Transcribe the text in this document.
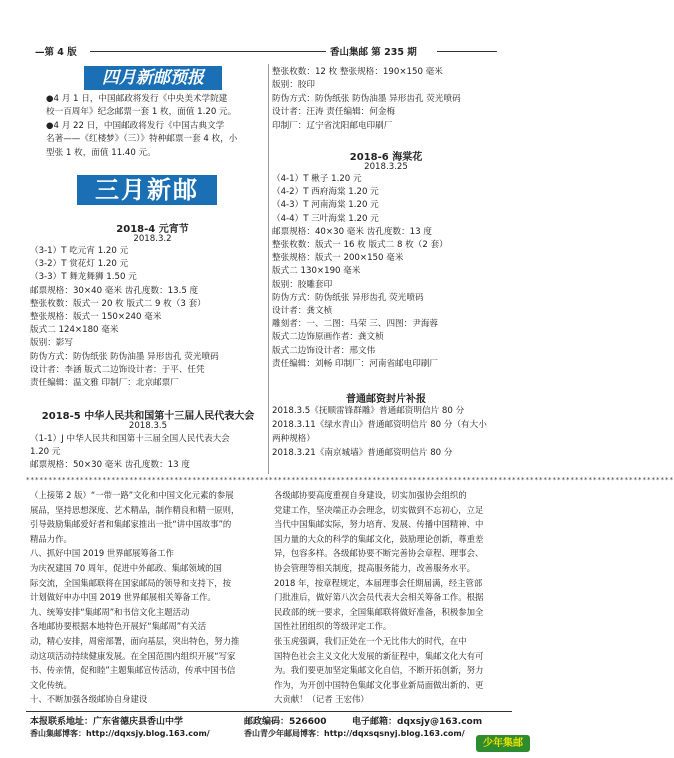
—第 4 版	香山集邮 第 235 期
四月新邮预报
●4 月 1 日，中国邮政将发行《中央美术学院建
校一百周年》纪念邮票一套 1 枚，面值 1.20 元。
●4 月 22 日，中国邮政将发行《中国古典文学
名著——《红楼梦》（三）》特种邮票一套 4 枚，小
型张 1 枚，面值 11.40 元。
三月新邮
2018-4 元宵节
2018.3.2
（3-1）T 吃元宵 1.20 元
（3-2）T 赏花灯 1.20 元
（3-3）T 舞龙舞狮 1.50 元
邮票规格：30×40 毫米 齿孔度数：13.5 度
整张枚数：版式一 20 枚 版式二 9 枚（3 套）
整张规格：版式一 150×240 毫米
版式二 124×180 毫米
版别：影写
防伪方式：防伪纸张 防伪油墨 异形齿孔 荧光喷码
设计者：李涵 版式二边饰设计者：于平、任凭
责任编辑：温文雅 印制厂：北京邮票厂
2018-5 中华人民共和国第十三届人民代表大会
2018.3.5
（1-1）J 中华人民共和国第十三届全国人民代表大会
1.20 元
邮票规格：50×30 毫米 齿孔度数：13 度
整张枚数：12 枚 整张规格：190×150 毫米
版别：胶印
防伪方式：防伪纸张 防伪油墨 异形齿孔 荧光喷码
设计者：汪涛 责任编辑：何金梅
印制厂：辽宁省沈阳邮电印刷厂
2018-6 海棠花
2018.3.25
（4-1）T 楸子 1.20 元
（4-2）T 西府海棠 1.20 元
（4-3）T 河南海棠 1.20 元
（4-4）T 三叶海棠 1.20 元
邮票规格：40×30 毫米 齿孔度数：13 度
整张枚数：版式一 16 枚 版式二 8 枚（2 套）
整张规格：版式一 200×150 毫米
版式二 130×190 毫米
版别：胶雕套印
防伪方式：防伪纸张 异形齿孔 荧光喷码
设计者：龚文桢
雕刻者：一、二图：马荣 三、四图：尹海蓉
版式二边饰原画作者：龚文桢
版式二边饰设计者：邢文伟
责任编辑：刘畅 印制厂：河南省邮电印刷厂
普通邮资封片补报
2018.3.5《抚顺雷锋群雕》普通邮资明信片 80 分
2018.3.11《绿水青山》普通邮资明信片 80 分（有大小
两种规格）
2018.3.21《南京城墙》普通邮资明信片 80 分
************************************************************************************************************************************************
（上接第 2 版）“一带一路”文化和中国文化元素的参展
展品，坚持思想深度、艺术精品，制作精良和精一原则，
引导鼓励集邮爱好者和集邮家推出一批“讲中国故事”的
精品力作。
八、抓好中国 2019 世界邮展筹备工作
为庆祝建国 70 周年，促进中外邮政、集邮领域的国
际交流，全国集邮联将在国家邮局的领导和支持下，按
计划做好申办中国 2019 世界邮展相关筹备工作。
九、统筹安排“集邮周”和书信文化主题活动
各地邮协要根据本地特色开展好“集邮周”有关活
动，精心安排，周密部署，面向基层，突出特色，努力推
动这项活动持续健康发展。在全国范围内组织开展“写家
书、传亲情，促和睦”主题集邮宣传活动，传承中国书信
文化传统。
十、不断加强各级邮协自身建设
各级邮协要高度重视自身建设，切实加强协会组织的
党建工作，坚决端正办会理念，切实做到不忘初心，立足
当代中国集邮实际，努力培育、发展、传播中国精神、中
国力量的大众的科学的集邮文化，鼓励理论创新，尊重差
异，包容多样。各级邮协要不断完善协会章程、理事会、
协会管理等相关制度，提高服务能力，改善服务水平。
2018 年，按章程规定，本届理事会任期届满，经主管部
门批准后，做好第八次会员代表大会相关筹备工作。根据
民政部的统一要求，全国集邮联将做好准备，积极参加全
国性社团组织的等级评定工作。
张玉虎强调，我们正处在一个无比伟大的时代，在中
国特色社会主义文化大发展的新征程中，集邮文化大有可
为。我们要更加坚定集邮文化自信，不断开拓创新，努力
作为，为开创中国特色集邮文化事业新局面做出新的、更
大贡献！（记者 王宏伟）
本报联系地址：广东省德庆县香山中学	邮政编码：526600	电子邮箱：dqxsjy@163.com
香山集邮博客：http://dqxsjy.blog.163.com/	香山青少年邮局博客：http://dqxsqsnyj.blog.163.com/
少年集邮
